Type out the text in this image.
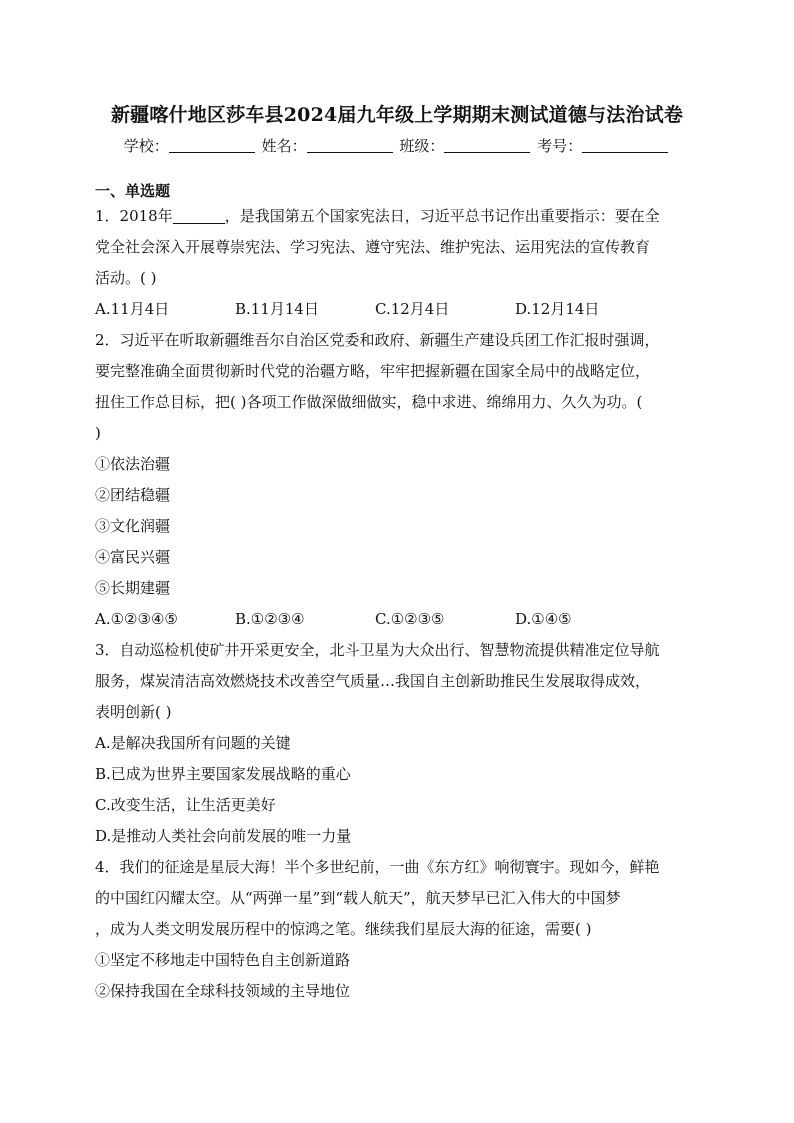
新疆喀什地区莎车县2024届九年级上学期期末测试道德与法治试卷
学校：	姓名：	班级：	考号：
一、单选题
1．2018年	，是我国第五个国家宪法日，习近平总书记作出重要指示：要在全
党全社会深入开展尊崇宪法、学习宪法、遵守宪法、维护宪法、运用宪法的宣传教育
活动。( )
A.11月4日	B.11月14日	C.12月4日	D.12月14日
2．习近平在听取新疆维吾尔自治区党委和政府、新疆生产建设兵团工作汇报时强调，
要完整准确全面贯彻新时代党的治疆方略，牢牢把握新疆在国家全局中的战略定位，
扭住工作总目标，把( )各项工作做深做细做实，稳中求进、绵绵用力、久久为功。(
)
①依法治疆
②团结稳疆
③文化润疆
④富民兴疆
⑤长期建疆
A.①②③④⑤	B.①②③④	C.①②③⑤	D.①④⑤
3．自动巡检机使矿井开采更安全，北斗卫星为大众出行、智慧物流提供精准定位导航
服务，煤炭清洁高效燃烧技术改善空气质量…我国自主创新助推民生发展取得成效，
表明创新( )
A.是解决我国所有问题的关键
B.已成为世界主要国家发展战略的重心
C.改变生活，让生活更美好
D.是推动人类社会向前发展的唯一力量
4．我们的征途是星辰大海！半个多世纪前，一曲《东方红》响彻寰宇。现如今，鲜艳
的中国红闪耀太空。从“两弹一星”到“载人航天”，航天梦早已汇入伟大的中国梦
，成为人类文明发展历程中的惊鸿之笔。继续我们星辰大海的征途，需要( )
①坚定不移地走中国特色自主创新道路
②保持我国在全球科技领域的主导地位
